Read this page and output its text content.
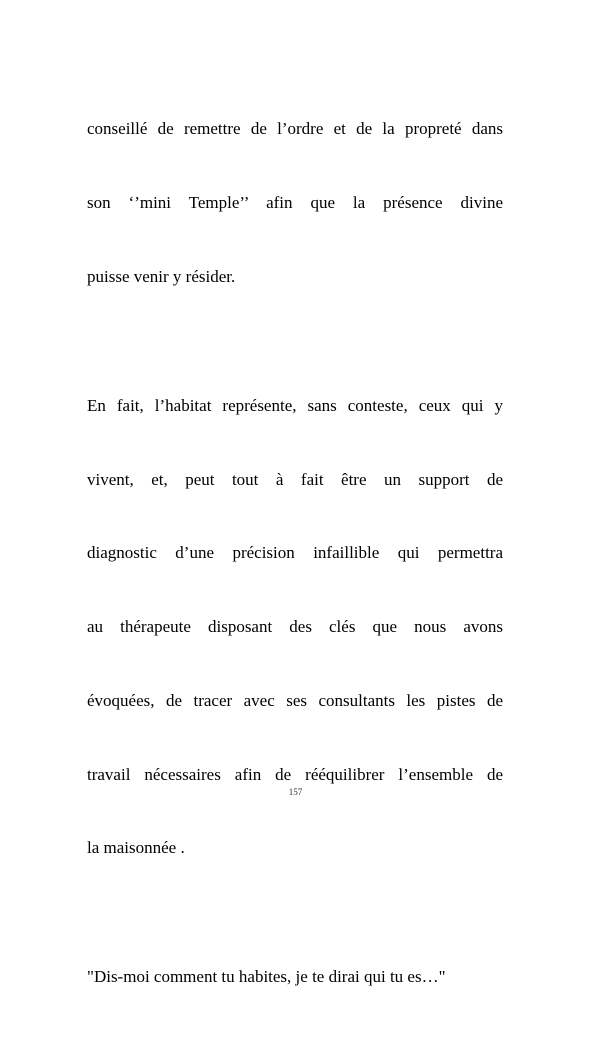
conseillé de remettre de l’ordre et de la propreté dans

son ‘’mini Temple’’ afin que la présence divine

puisse venir y résider.

En fait, l’habitat représente, sans conteste, ceux qui y

vivent, et, peut tout à fait être un support de

diagnostic d’une précision infaillible qui permettra

au thérapeute disposant des clés que nous avons

évoquées, de tracer avec ses consultants les pistes de

travail nécessaires afin de rééquilibrer l’ensemble de

la maisonnée .

"Dis-moi comment tu habites, je te dirai qui tu es…"

157
